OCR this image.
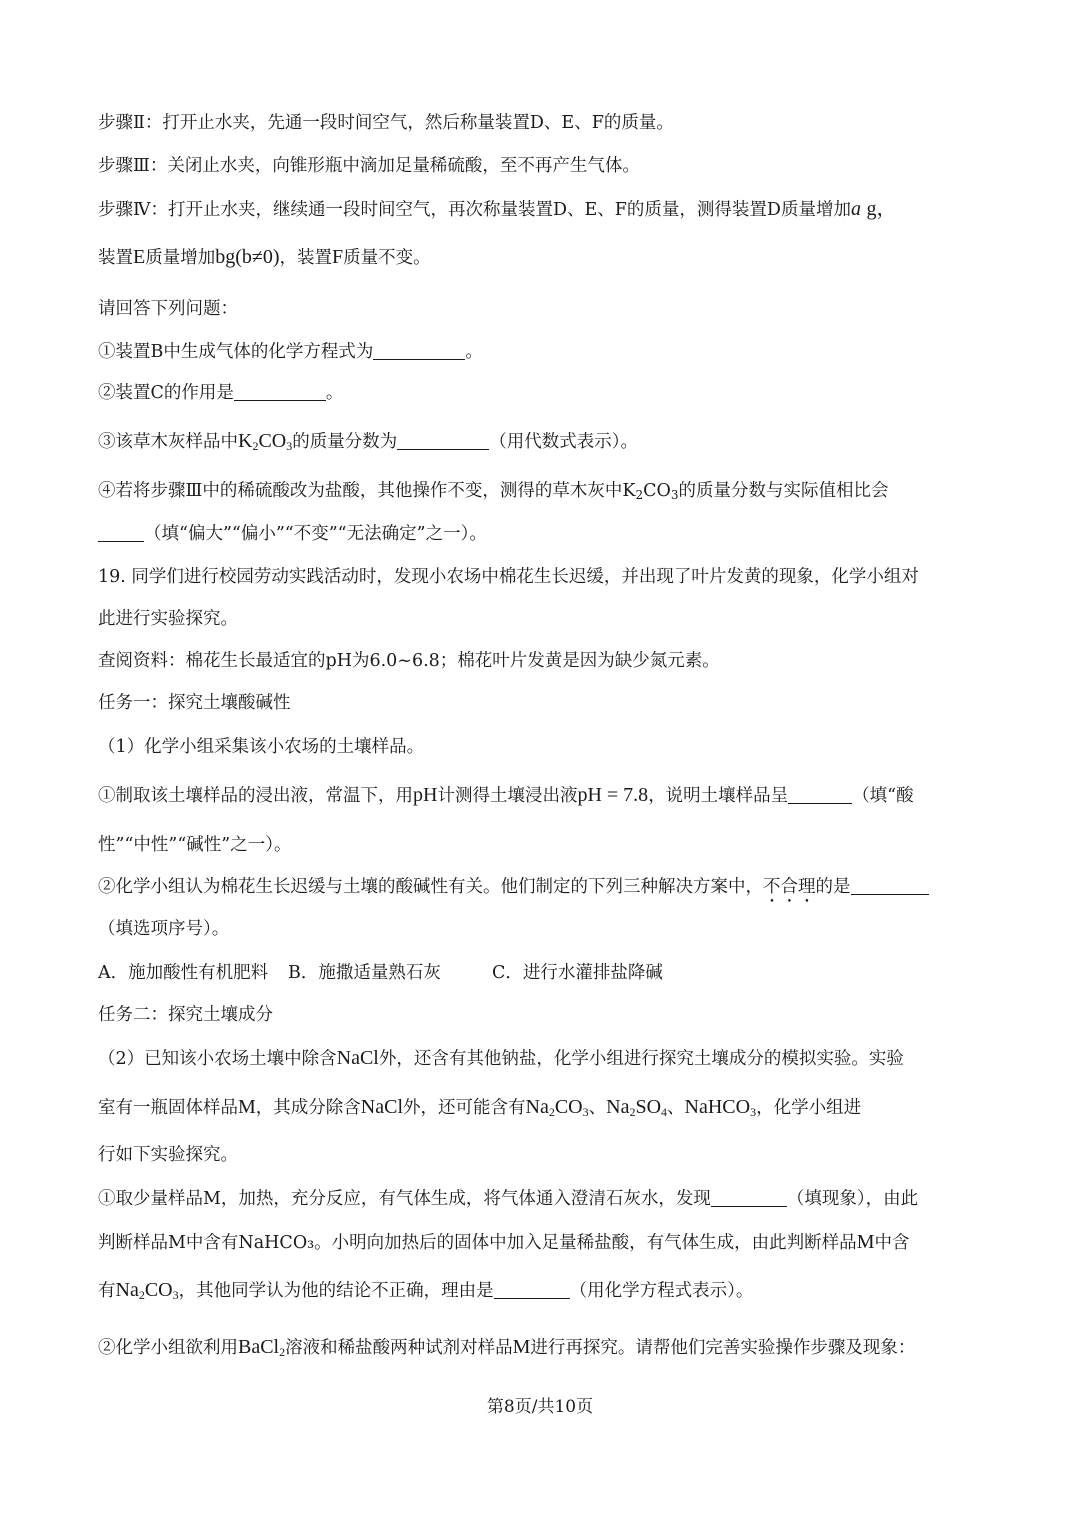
步骤Ⅱ：打开止水夹，先通一段时间空气，然后称量装置D、E、F的质量。
步骤Ⅲ：关闭止水夹，向锥形瓶中滴加足量稀硫酸，至不再产生气体。
步骤Ⅳ：打开止水夹，继续通一段时间空气，再次称量装置D、E、F的质量，测得装置D质量增加a g，
装置E质量增加bg(b≠0)，装置F质量不变。
请回答下列问题：
①装置B中生成气体的化学方程式为	。
②装置C的作用是	。
③该草木灰样品中$K_2CO_3$的质量分数为	（用代数式表示）。
④若将步骤Ⅲ中的稀硫酸改为盐酸，其他操作不变，测得的草木灰中$K_2CO_3$的质量分数与实际值相比会
（填“偏大”“偏小”“不变”“无法确定”之一）。
19. 同学们进行校园劳动实践活动时，发现小农场中棉花生长迟缓，并出现了叶片发黄的现象，化学小组对
此进行实验探究。
查阅资料：棉花生长最适宜的pH为6.0~6.8；棉花叶片发黄是因为缺少氮元素。
任务一：探究土壤酸碱性
（1）化学小组采集该小农场的土壤样品。
①制取该土壤样品的浸出液，常温下，用pH计测得土壤浸出液pH = 7.8，说明土壤样品呈	（填“酸
性”“中性”“碱性”之一）。
②化学小组认为棉花生长迟缓与土壤的酸碱性有关。他们制定的下列三种解决方案中，不合理的是
（填选项序号）。
A．施加酸性有机肥料 B．施撒适量熟石灰	C．进行水灌排盐降碱
任务二：探究土壤成分
（2）已知该小农场土壤中除含NaCl外，还含有其他钠盐，化学小组进行探究土壤成分的模拟实验。实验
室有一瓶固体样品M，其成分除含NaCl外，还可能含有$Na_2CO_3$、$Na_2SO_4$、NaHCO$_3$，化学小组进
行如下实验探究。
①取少量样品M，加热，充分反应，有气体生成，将气体通入澄清石灰水，发现	（填现象），由此
判断样品M中含有NaHCO₃。小明向加热后的固体中加入足量稀盐酸，有气体生成，由此判断样品M中含
有$Na_2CO_3$，其他同学认为他的结论不正确，理由是	（用化学方程式表示）。
②化学小组欲利用BaCl$_2$溶液和稀盐酸两种试剂对样品M进行再探究。请帮他们完善实验操作步骤及现象：
第8页/共10页
